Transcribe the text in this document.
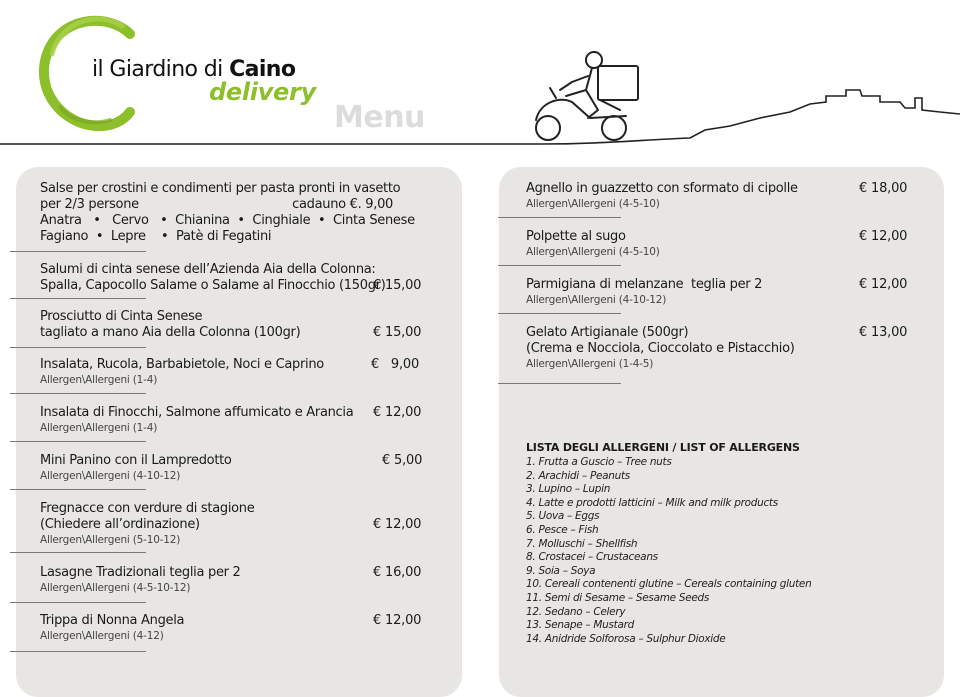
il Giardino di Caino
delivery
Menu
Salse per crostini e condimenti per pasta pronti in vasetto
per 2/3 persone                                        cadauno €. 9,00
Anatra   •   Cervo   •  Chianina  •  Cinghiale  •  Cinta Senese
Fagiano  •  Lepre    •  Patè di Fegatini
Salumi di cinta senese dell’Azienda Aia della Colonna:
Spalla, Capocollo Salame o Salame al Finocchio (150gr)
€ 15,00
Prosciutto di Cinta Senese
tagliato a mano Aia della Colonna (100gr)	€ 15,00
Insalata, Rucola, Barbabietole, Noci e Caprino
Allergen\Allergeni (1-4)
€   9,00
Insalata di Finocchi, Salmone affumicato e Arancia
Allergen\Allergeni (1-4)
€ 12,00
Mini Panino con il Lampredotto
Allergen\Allergeni (4-10-12)
€ 5,00
Fregnacce con verdure di stagione
(Chiedere all’ordinazione)
Allergen\Allergeni (5-10-12)
€ 12,00
Lasagne Tradizionali teglia per 2
Allergen\Allergeni (4-5-10-12)
€ 16,00
Trippa di Nonna Angela
Allergen\Allergeni (4-12)
€ 12,00
Agnello in guazzetto con sformato di cipolle
Allergen\Allergeni (4-5-10)
€ 18,00
Polpette al sugo
Allergen\Allergeni (4-5-10)
€ 12,00
Parmigiana di melanzane  teglia per 2
Allergen\Allergeni (4-10-12)
€ 12,00
Gelato Artigianale (500gr)
(Crema e Nocciola, Cioccolato e Pistacchio)
Allergen\Allergeni (1-4-5)
€ 13,00
LISTA DEGLI ALLERGENI / LIST OF ALLERGENS
1. Frutta a Guscio – Tree nuts
2. Arachidi – Peanuts
3. Lupino – Lupin
4. Latte e prodotti latticini – Milk and milk products
5. Uova – Eggs
6. Pesce – Fish
7. Molluschi – Shellfish
8. Crostacei – Crustaceans
9. Soia – Soya
10. Cereali contenenti glutine – Cereals containing gluten
11. Semi di Sesame – Sesame Seeds
12. Sedano – Celery
13. Senape – Mustard
14. Anidride Solforosa – Sulphur Dioxide
